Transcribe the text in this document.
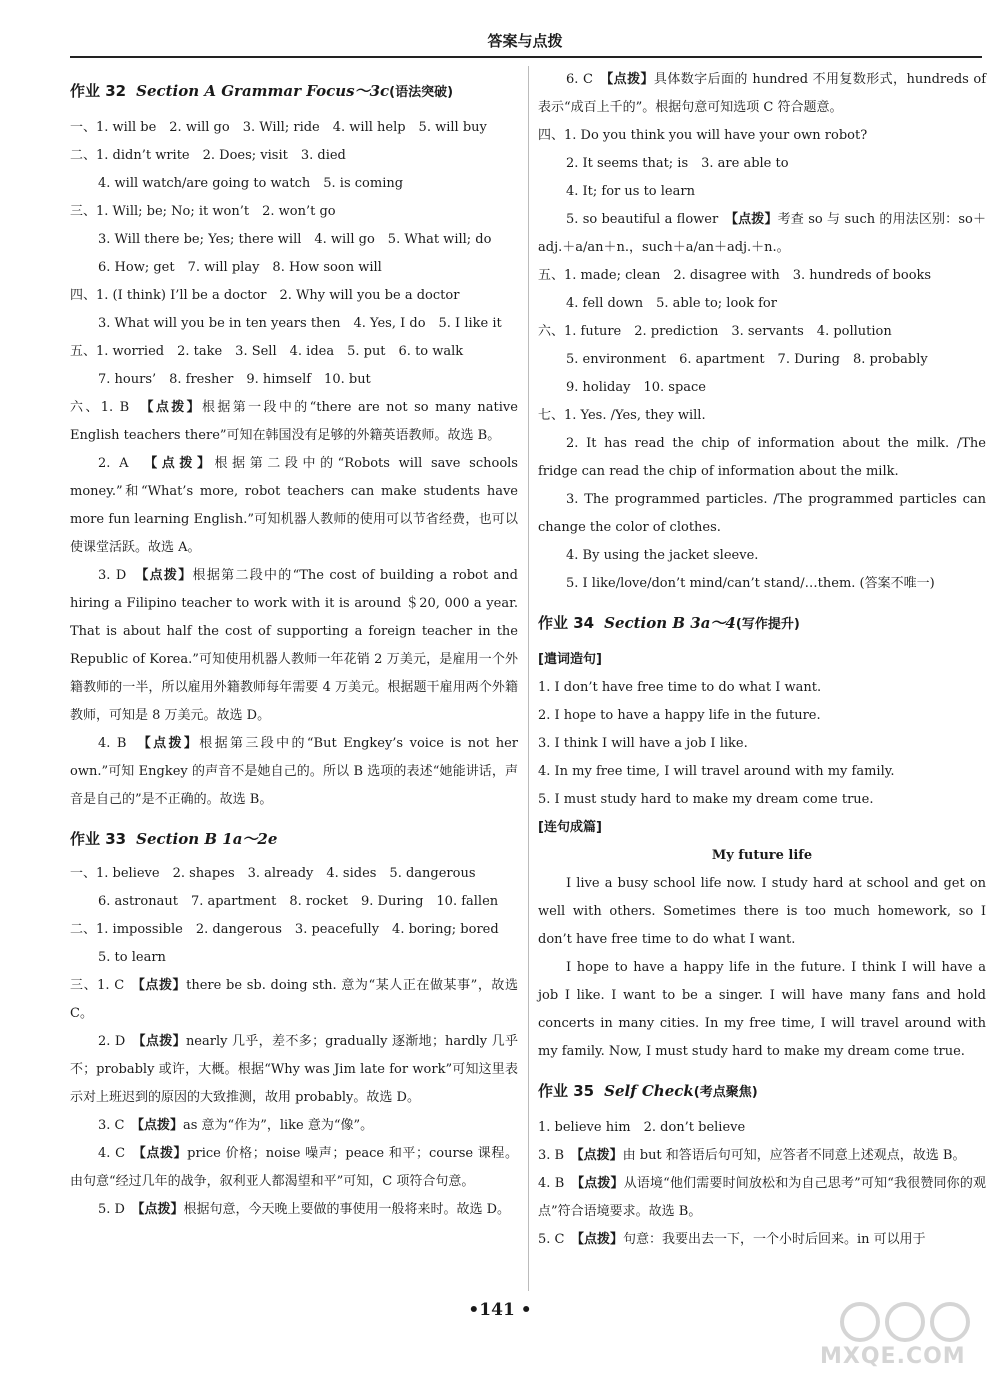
答案与点拨
作业 32 Section A Grammar Focus～3c(语法突破)
一、1. will be　2. will go　3. Will; ride　4. will help　5. will buy
二、1. didn’t write　2. Does; visit　3. died
4. will watch/are going to watch　5. is coming
三、1. Will; be; No; it won’t　2. won’t go
3. Will there be; Yes; there will　4. will go　5. What will; do
6. How; get　7. will play　8. How soon will
四、1. (I think) I’ll be a doctor　2. Why will you be a doctor
3. What will you be in ten years then　4. Yes, I do　5. I like it
五、1. worried　2. take　3. Sell　4. idea　5. put　6. to walk
7. hours’　8. fresher　9. himself　10. but
六、1. B　【点拨】根据第一段中的“there are not so many native English teachers there”可知在韩国没有足够的外籍英语教师。故选 B。
2. A　【点拨】根据第二段中的“Robots will save schools money.”和“What’s more, robot teachers can make students have more fun learning English.”可知机器人教师的使用可以节省经费，也可以使课堂活跃。故选 A。
3. D　【点拨】根据第二段中的“The cost of building a robot and hiring a Filipino teacher to work with it is around ＄20, 000 a year. That is about half the cost of supporting a foreign teacher in the Republic of Korea.”可知使用机器人教师一年花销 2 万美元，是雇用一个外籍教师的一半，所以雇用外籍教师每年需要 4 万美元。根据题干雇用两个外籍教师，可知是 8 万美元。故选 D。
4. B　【点拨】根据第三段中的“But Engkey’s voice is not her own.”可知 Engkey 的声音不是她自己的。所以 B 选项的表述“她能讲话，声音是自己的”是不正确的。故选 B。
作业 33 Section B 1a～2e
一、1. believe　2. shapes　3. already　4. sides　5. dangerous
6. astronaut　7. apartment　8. rocket　9. During　10. fallen
二、1. impossible　2. dangerous　3. peacefully　4. boring; bored
5. to learn
三、1. C　【点拨】there be sb. doing sth. 意为“某人正在做某事”，故选 C。
2. D　【点拨】nearly 几乎，差不多；gradually 逐渐地；hardly 几乎不；probably 或许，大概。根据“Why was Jim late for work”可知这里表示对上班迟到的原因的大致推测，故用 probably。故选 D。
3. C　【点拨】as 意为“作为”，like 意为“像”。
4. C　【点拨】price 价格；noise 噪声；peace 和平；course 课程。由句意“经过几年的战争，叙利亚人都渴望和平”可知，C 项符合句意。
5. D　【点拨】根据句意，今天晚上要做的事使用一般将来时。故选 D。
6. C　【点拨】具体数字后面的 hundred 不用复数形式，hundreds of 表示“成百上千的”。根据句意可知选项 C 符合题意。
四、1. Do you think you will have your own robot?
2. It seems that; is　3. are able to
4. It; for us to learn
5. so beautiful a flower　【点拨】考查 so 与 such 的用法区别：so＋adj.＋a/an＋n.，such＋a/an＋adj.＋n.。
五、1. made; clean　2. disagree with　3. hundreds of books
4. fell down　5. able to; look for
六、1. future　2. prediction　3. servants　4. pollution
5. environment　6. apartment　7. During　8. probably
9. holiday　10. space
七、1. Yes. /Yes, they will.
2. It has read the chip of information about the milk. /The fridge can read the chip of information about the milk.
3. The programmed particles. /The programmed particles can change the color of clothes.
4. By using the jacket sleeve.
5. I like/love/don’t mind/can’t stand/…them. (答案不唯一)
作业 34 Section B 3a～4(写作提升)
[遣词造句]
1. I don’t have free time to do what I want.
2. I hope to have a happy life in the future.
3. I think I will have a job I like.
4. In my free time, I will travel around with my family.
5. I must study hard to make my dream come true.
[连句成篇]
My future life
I live a busy school life now. I study hard at school and get on well with others. Sometimes there is too much homework, so I don’t have free time to do what I want.
I hope to have a happy life in the future. I think I will have a job I like. I want to be a singer. I will have many fans and hold concerts in many cities. In my free time, I will travel around with my family. Now, I must study hard to make my dream come true.
作业 35 Self Check(考点聚焦)
1. believe him　2. don’t believe
3. B　【点拨】由 but 和答语后句可知，应答者不同意上述观点，故选 B。
4. B　【点拨】从语境“他们需要时间放松和为自己思考”可知“我很赞同你的观点”符合语境要求。故选 B。
5. C　【点拨】句意：我要出去一下，一个小时后回来。in 可以用于
•141 •
MXQE.COM
